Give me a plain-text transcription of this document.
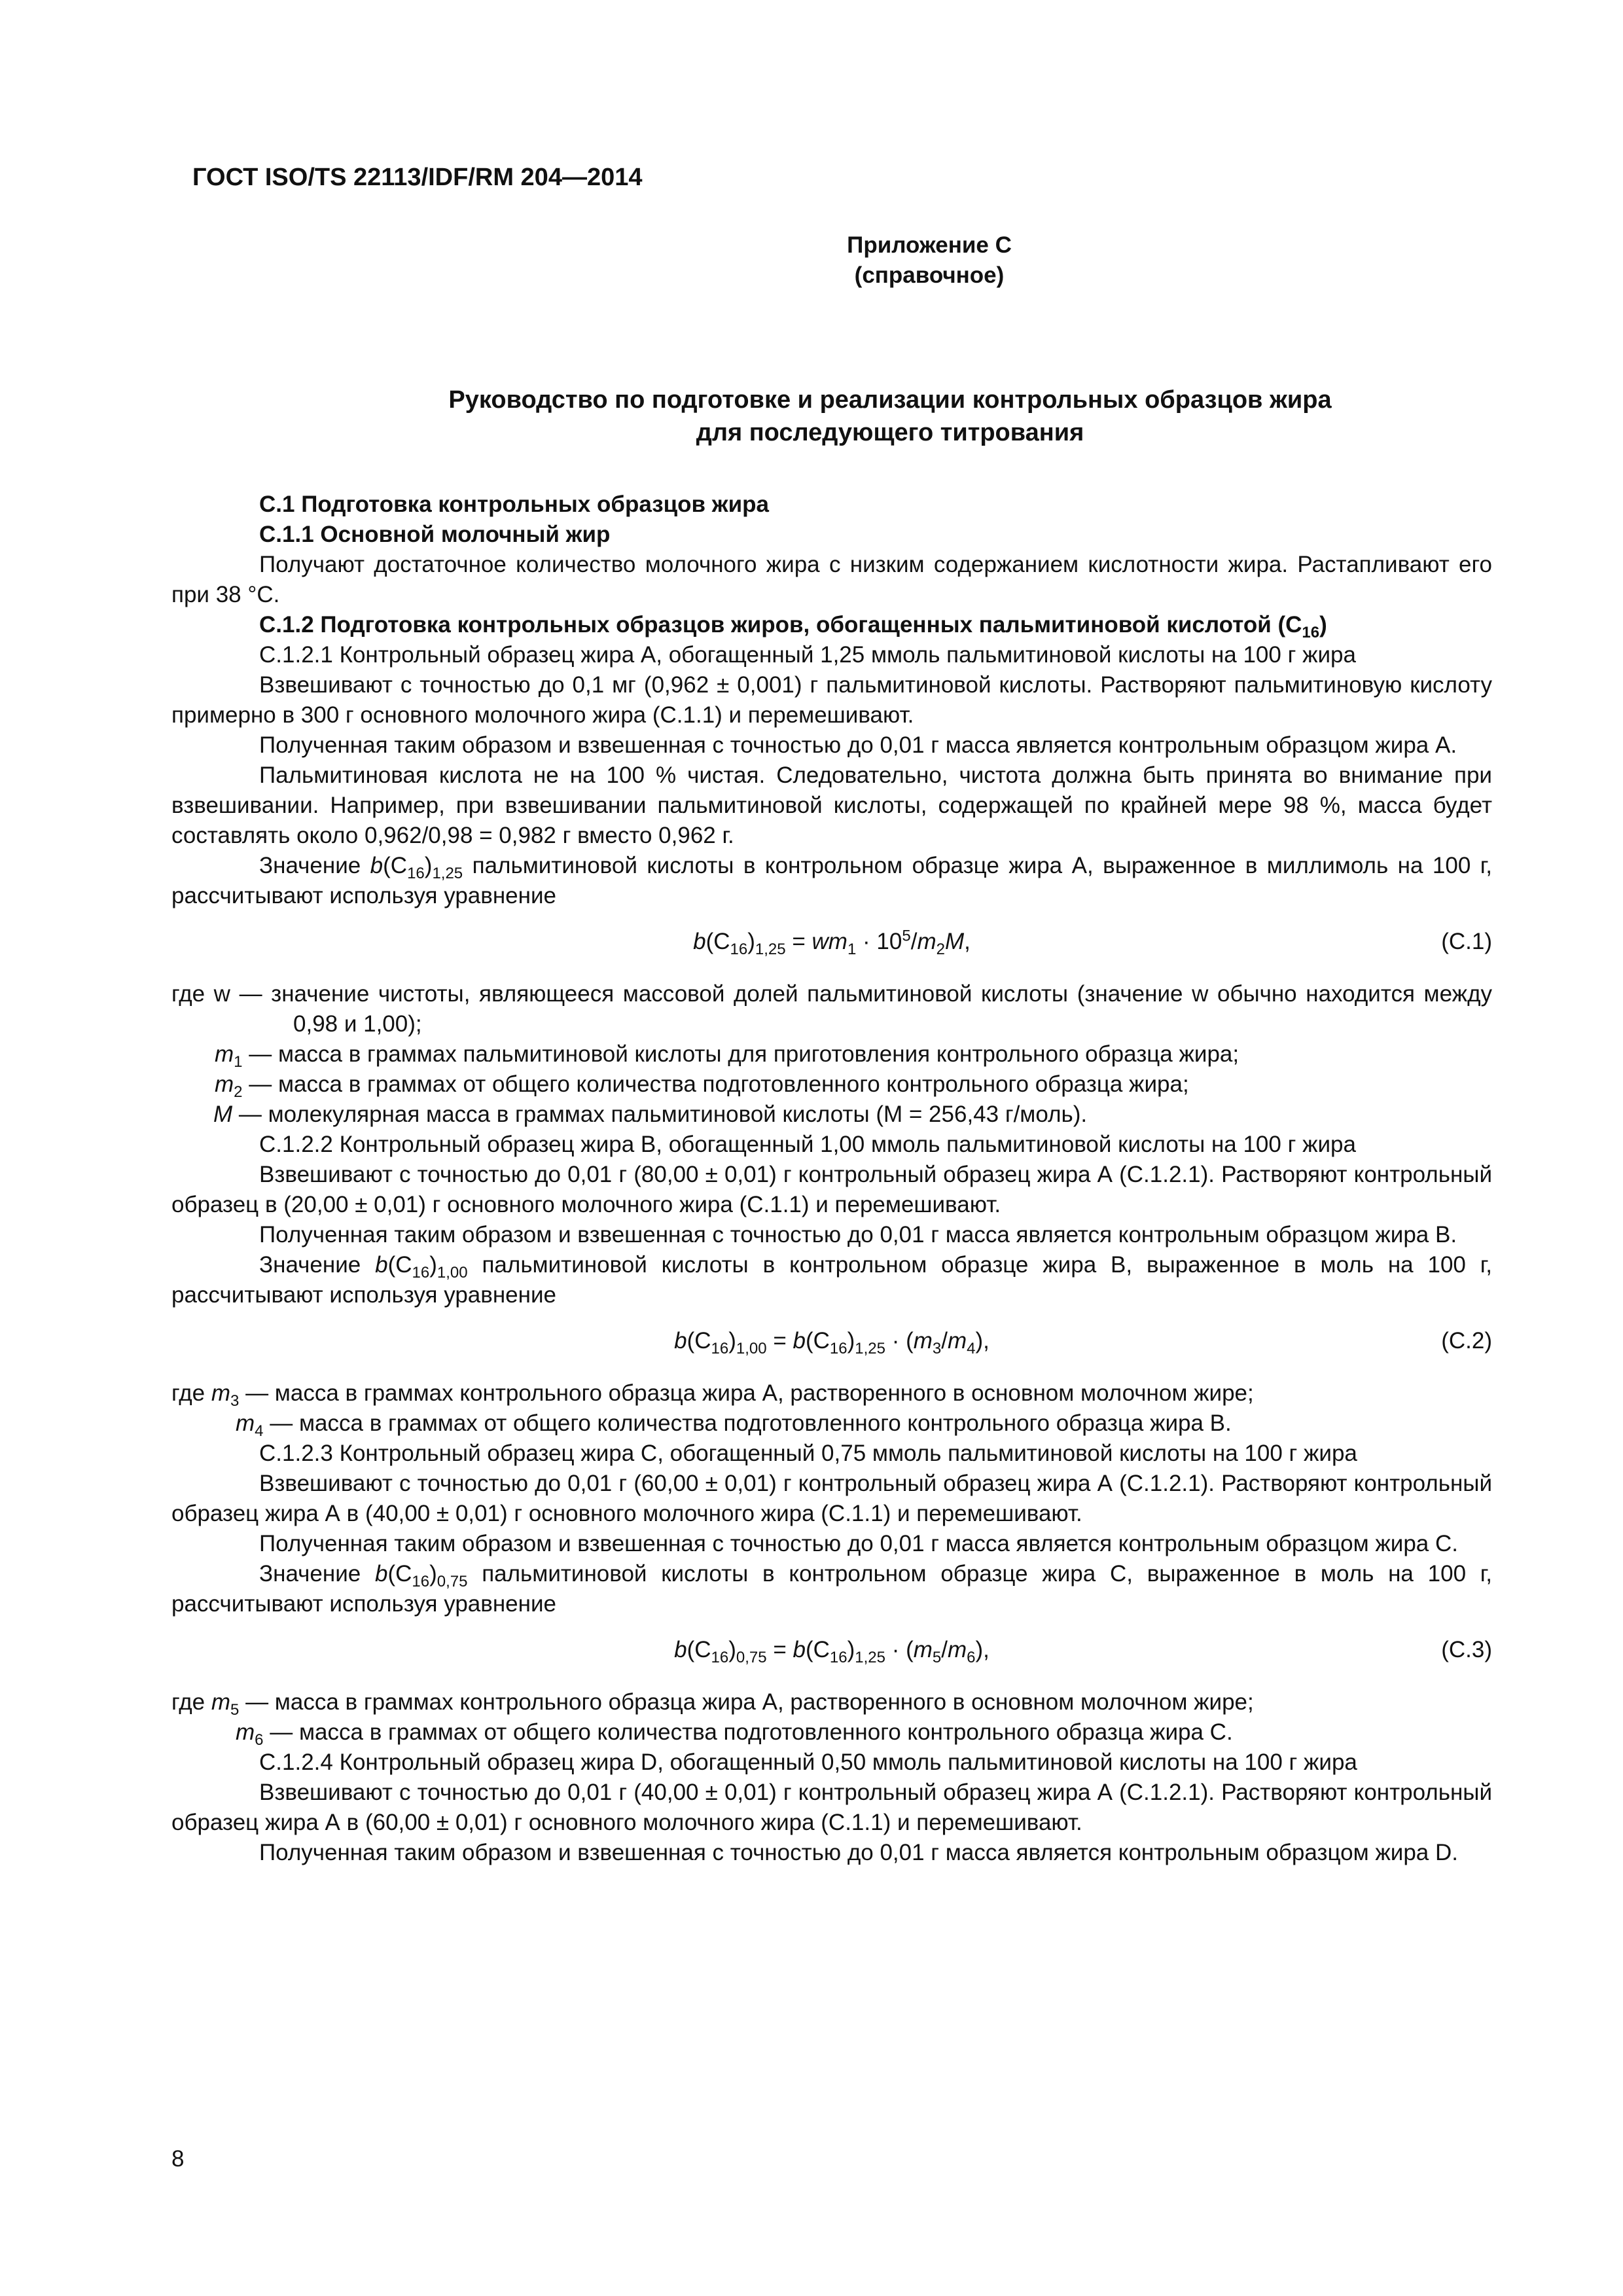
ГОСТ ISO/TS 22113/IDF/RM 204—2014
Приложение С
(справочное)
Руководство по подготовке и реализации контрольных образцов жира
для последующего титрования

С.1 Подготовка контрольных образцов жира

С.1.1 Основной молочный жир

Получают достаточное количество молочного жира с низким содержанием кислотности жира. Растапливают его при 38 °С.

С.1.2 Подготовка контрольных образцов жиров, обогащенных пальмитиновой кислотой $(С_{16})$

С.1.2.1 Контрольный образец жира А, обогащенный 1,25 ммоль пальмитиновой кислоты на 100 г жира

Взвешивают с точностью до 0,1 мг (0,962 ± 0,001) г пальмитиновой кислоты. Растворяют пальмитиновую кислоту примерно в 300 г основного молочного жира (С.1.1) и перемешивают.

Полученная таким образом и взвешенная с точностью до 0,01 г масса является контрольным образцом жира А.

Пальмитиновая кислота не на 100 % чистая. Следовательно, чистота должна быть принята во внимание при взвешивании. Например, при взвешивании пальмитиновой кислоты, содержащей по крайней мере 98 %, масса будет составлять около 0,962/0,98 = 0,982 г вместо 0,962 г.

Значение $b(C_{16})_{1,25}$ пальмитиновой кислоты в контрольном образце жира А, выраженное в миллимоль на 100 г, рассчитывают используя уравнение

$b(C_{16})_{1,25} = wm_1 \cdot 10^5/m_2M$,	(С.1)

где w — значение чистоты, являющееся массовой долей пальмитиновой кислоты (значение w обычно находится между 0,98 и 1,00);

$m_1$ — масса в граммах пальмитиновой кислоты для приготовления контрольного образца жира;
$m_2$ — масса в граммах от общего количества подготовленного контрольного образца жира;
M — молекулярная масса в граммах пальмитиновой кислоты (M = 256,43 г/моль).

С.1.2.2 Контрольный образец жира В, обогащенный 1,00 ммоль пальмитиновой кислоты на 100 г жира

Взвешивают с точностью до 0,01 г (80,00 ± 0,01) г контрольный образец жира А (С.1.2.1). Растворяют контрольный образец в (20,00 ± 0,01) г основного молочного жира (С.1.1) и перемешивают.

Полученная таким образом и взвешенная с точностью до 0,01 г масса является контрольным образцом жира В.

Значение $b(C_{16})_{1,00}$ пальмитиновой кислоты в контрольном образце жира В, выраженное в моль на 100 г, рассчитывают используя уравнение

$b(C_{16})_{1,00} = b(C_{16})_{1,25} \cdot (m_3/m_4)$,	(С.2)
где $m_3$ — масса в граммах контрольного образца жира А, растворенного в основном молочном жире;
$m_4$ — масса в граммах от общего количества подготовленного контрольного образца жира В.

С.1.2.3 Контрольный образец жира С, обогащенный 0,75 ммоль пальмитиновой кислоты на 100 г жира

Взвешивают с точностью до 0,01 г (60,00 ± 0,01) г контрольный образец жира А (С.1.2.1). Растворяют контрольный образец жира А в (40,00 ± 0,01) г основного молочного жира (С.1.1) и перемешивают.

Полученная таким образом и взвешенная с точностью до 0,01 г масса является контрольным образцом жира С.

Значение $b(C_{16})_{0,75}$ пальмитиновой кислоты в контрольном образце жира С, выраженное в моль на 100 г, рассчитывают используя уравнение

$b(C_{16})_{0,75} = b(C_{16})_{1,25} \cdot (m_5/m_6)$,	(С.3)
где $m_5$ — масса в граммах контрольного образца жира А, растворенного в основном молочном жире;
$m_6$ — масса в граммах от общего количества подготовленного контрольного образца жира С.

С.1.2.4 Контрольный образец жира D, обогащенный 0,50 ммоль пальмитиновой кислоты на 100 г жира

Взвешивают с точностью до 0,01 г (40,00 ± 0,01) г контрольный образец жира А (С.1.2.1). Растворяют контрольный образец жира А в (60,00 ± 0,01) г основного молочного жира (С.1.1) и перемешивают.

Полученная таким образом и взвешенная с точностью до 0,01 г масса является контрольным образцом жира D.

8
